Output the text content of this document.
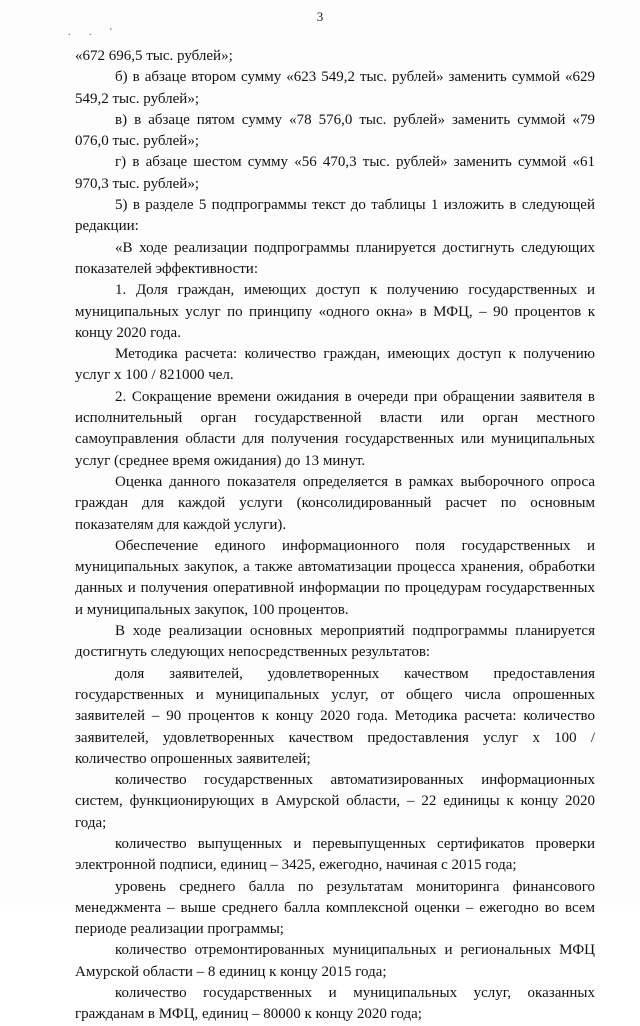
3
. . '

«672 696,5 тыс. рублей»;

б) в абзаце втором сумму «623 549,2 тыс. рублей» заменить суммой «629 549,2 тыс. рублей»;

в) в абзаце пятом сумму «78 576,0 тыс. рублей» заменить суммой «79 076,0 тыс. рублей»;

г) в абзаце шестом сумму «56 470,3 тыс. рублей» заменить суммой «61 970,3 тыс. рублей»;

5) в разделе 5 подпрограммы текст до таблицы 1 изложить в следующей редакции:

«В ходе реализации подпрограммы планируется достигнуть следующих показателей эффективности:

1. Доля граждан, имеющих доступ к получению государственных и муниципальных услуг по принципу «одного окна» в МФЦ, – 90 процентов к концу 2020 года.

Методика расчета: количество граждан, имеющих доступ к получению услуг х 100 / 821000 чел.

2. Сокращение времени ожидания в очереди при обращении заявителя в исполнительный орган государственной власти или орган местного самоуправления области для получения государственных или муниципальных услуг (среднее время ожидания) до 13 минут.

Оценка данного показателя определяется в рамках выборочного опроса граждан для каждой услуги (консолидированный расчет по основным показателям для каждой услуги).

Обеспечение единого информационного поля государственных и муниципальных закупок, а также автоматизации процесса хранения, обработки данных и получения оперативной информации по процедурам государственных и муниципальных закупок, 100 процентов.

В ходе реализации основных мероприятий подпрограммы планируется достигнуть следующих непосредственных результатов:

доля заявителей, удовлетворенных качеством предоставления государственных и муниципальных услуг, от общего числа опрошенных заявителей – 90 процентов к концу 2020 года. Методика расчета: количество заявителей, удовлетворенных качеством предоставления услуг х 100 / количество опрошенных заявителей;

количество государственных автоматизированных информационных систем, функционирующих в Амурской области, – 22 единицы к концу 2020 года;

количество выпущенных и перевыпущенных сертификатов проверки электронной подписи, единиц – 3425, ежегодно, начиная с 2015 года;

уровень среднего балла по результатам мониторинга финансового менеджмента – выше среднего балла комплексной оценки – ежегодно во всем периоде реализации программы;

количество отремонтированных муниципальных и региональных МФЦ Амурской области – 8 единиц к концу 2015 года;

количество государственных и муниципальных услуг, оказанных гражданам в МФЦ, единиц – 80000 к концу 2020 года;
